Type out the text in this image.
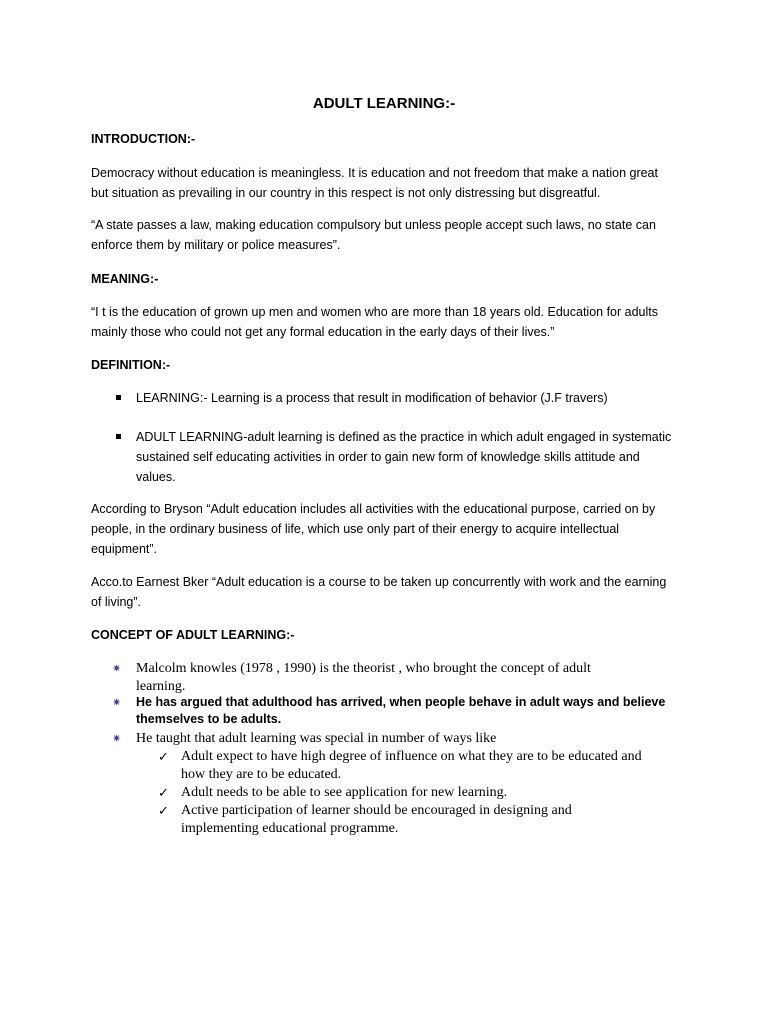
ADULT LEARNING:-
INTRODUCTION:-
Democracy without education is meaningless. It is education and not freedom that make a nation great
but situation as prevailing in our country in this respect is not only distressing but disgreatful.
“A state passes a law, making education compulsory but unless people accept such laws, no state can
enforce them by military or police measures”.
MEANING:-
“I t is the education of grown up men and women who are more than 18 years old. Education for adults
mainly those who could not get any formal education in the early days of their lives.”
DEFINITION:-
LEARNING:- Learning is a process that result in modification of behavior (J.F travers)
ADULT LEARNING-adult learning is defined as the practice in which adult engaged in systematic
sustained self educating activities in order to gain new form of knowledge skills attitude and
values.
According to Bryson “Adult education includes all activities with the educational purpose, carried on by
people, in the ordinary business of life, which use only part of their energy to acquire intellectual
equipment”.
Acco.to Earnest Bker “Adult education is a course to be taken up concurrently with work and the earning
of living”.
CONCEPT OF ADULT LEARNING:-
✷ Malcolm knowles (1978 , 1990) is the theorist , who brought the concept of adult
learning.
✷ He has argued that adulthood has arrived, when people behave in adult ways and believe
themselves to be adults.
✷ He taught that adult learning was special in number of ways like
✓ Adult expect to have high degree of influence on what they are to be educated and
how they are to be educated.
✓ Adult needs to be able to see application for new learning.
✓ Active participation of learner should be encouraged in designing and
implementing educational programme.
